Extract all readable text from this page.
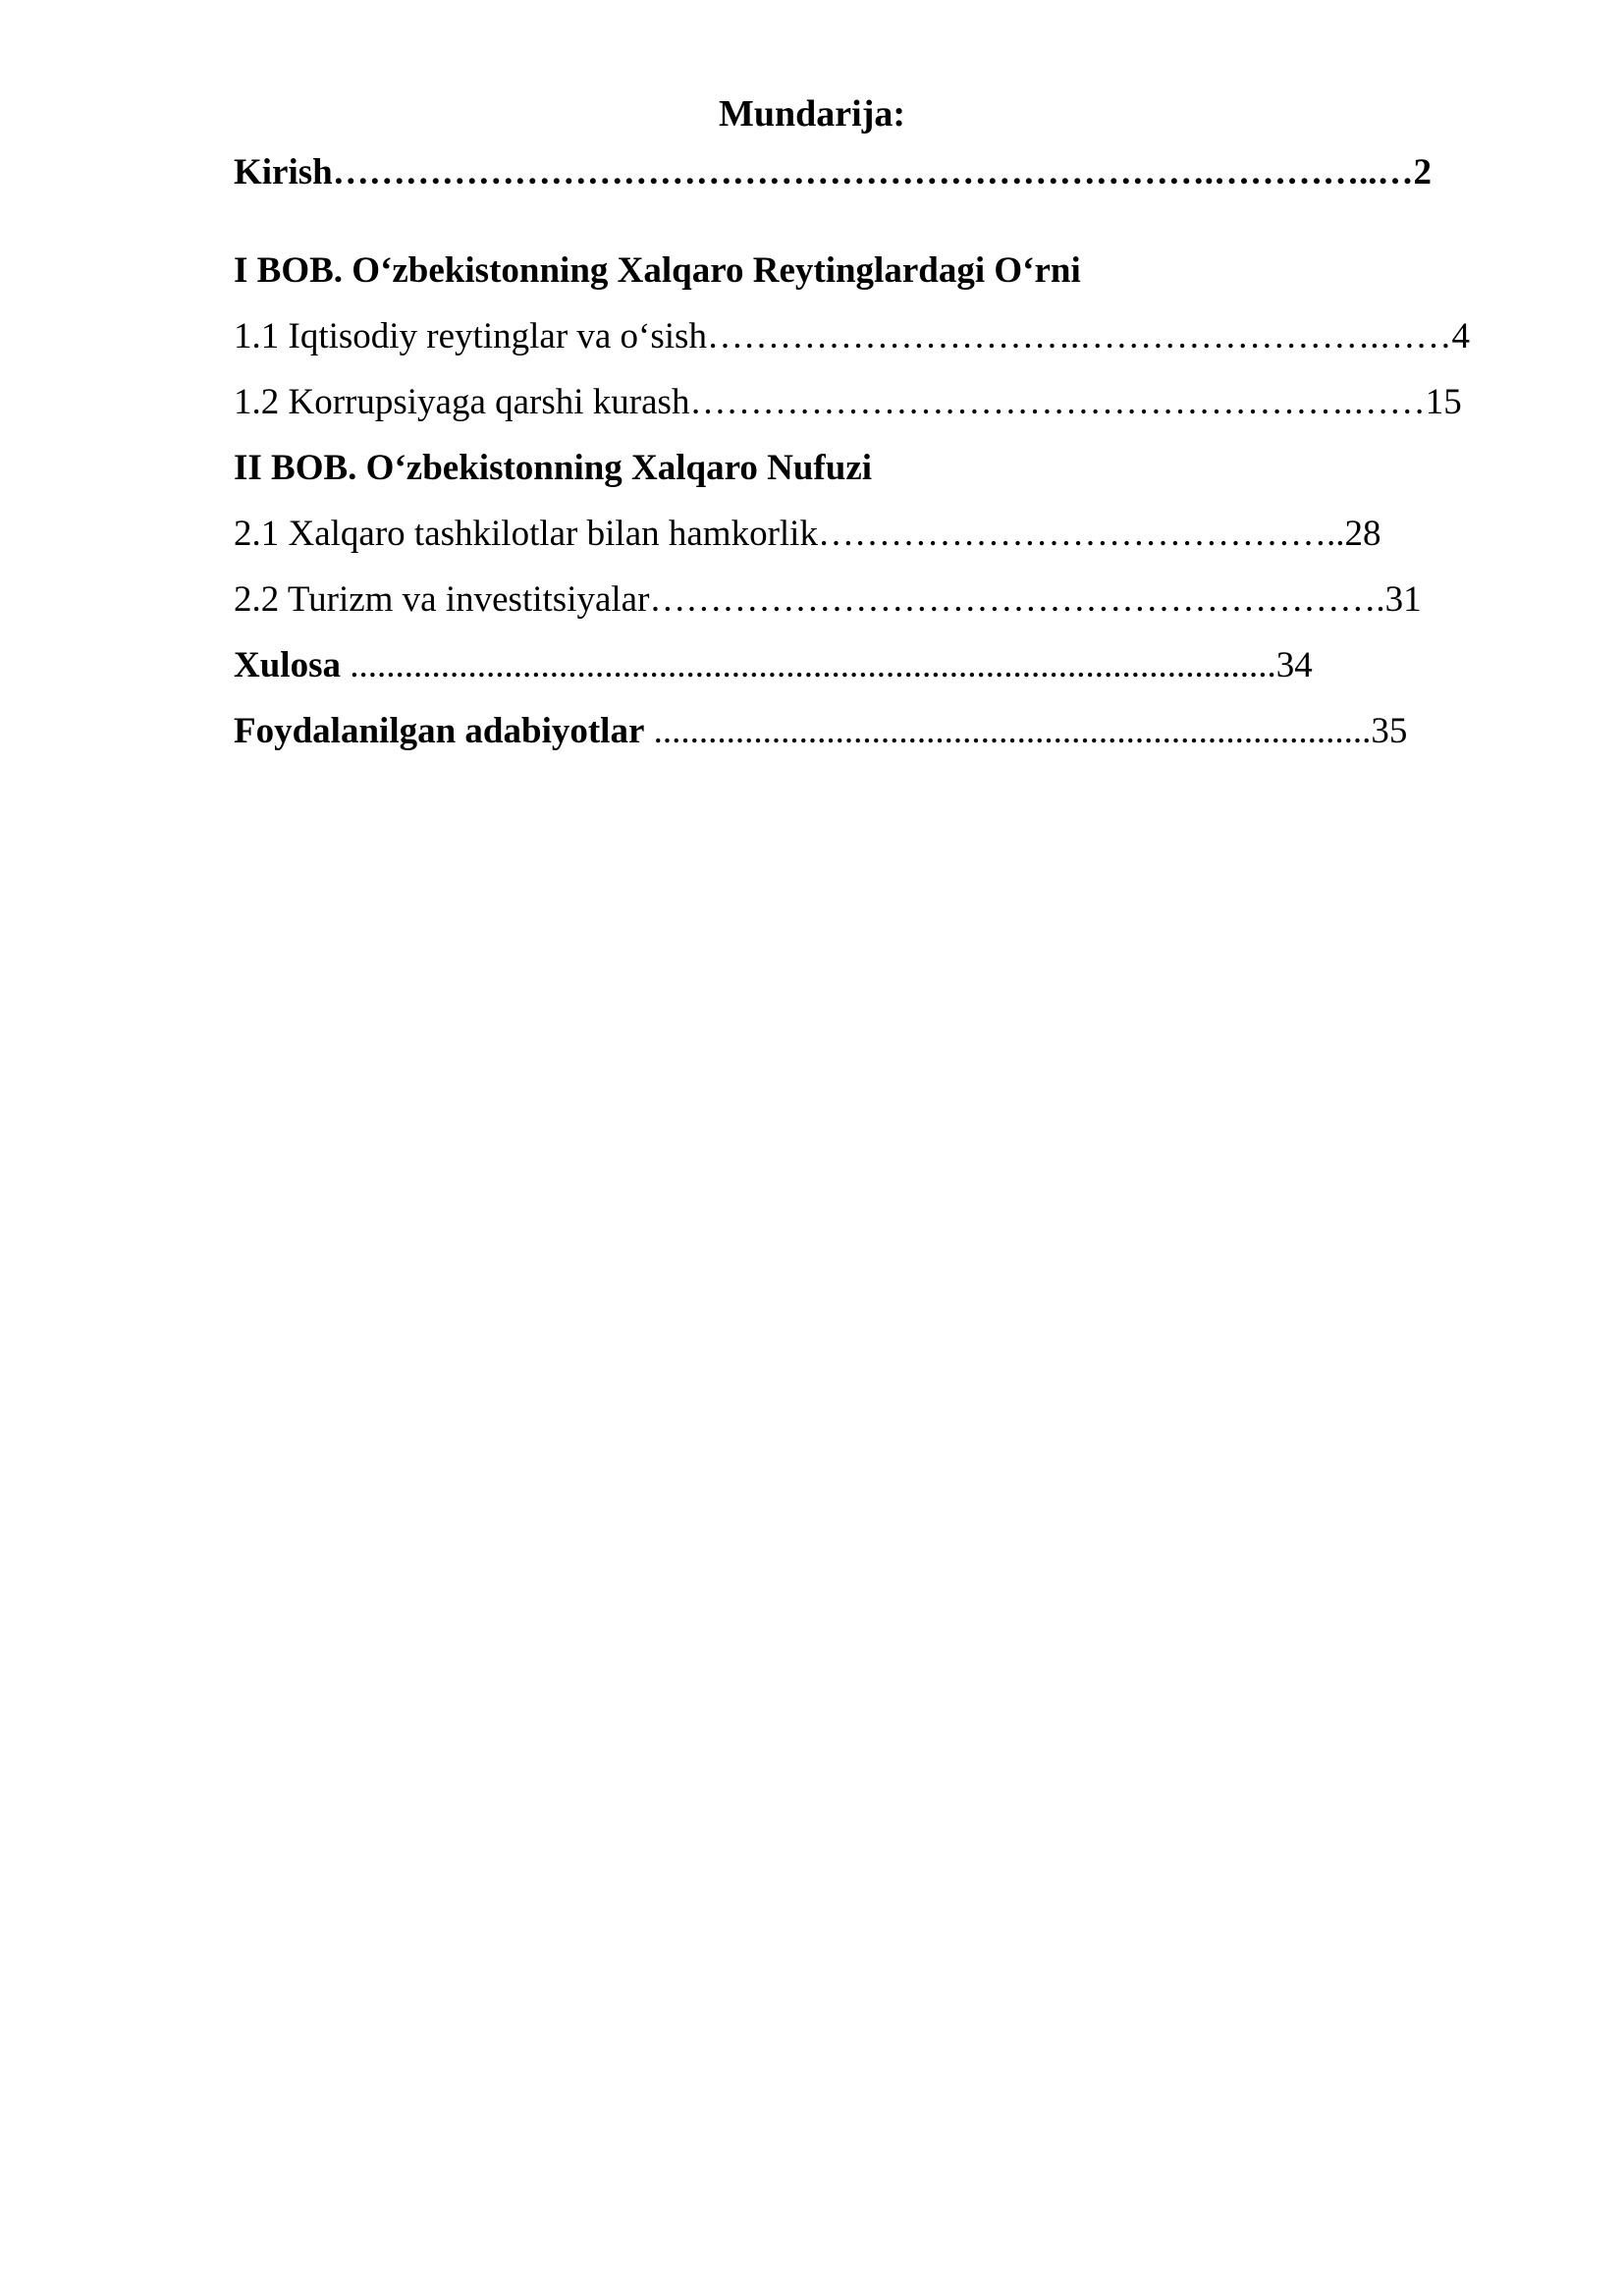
Mundarija:

Kirish……………………………………………………………….…………..…2

I BOB. O‘zbekistonning Xalqaro Reytinglardagi O‘rni

1.1 Iqtisodiy reytinglar va o‘sish………………………….…………………….……4

1.2 Korrupsiyaga qarshi kurash……………………………………………….……15

II BOB. O‘zbekistonning Xalqaro Nufuzi

2.1 Xalqaro tashkilotlar bilan hamkorlik……………………………………..28

2.2 Turizm va investitsiyalar…………………………………………………….31

Xulosa ......................................................................................................34

Foydalanilgan adabiyotlar ...............................................................................35
